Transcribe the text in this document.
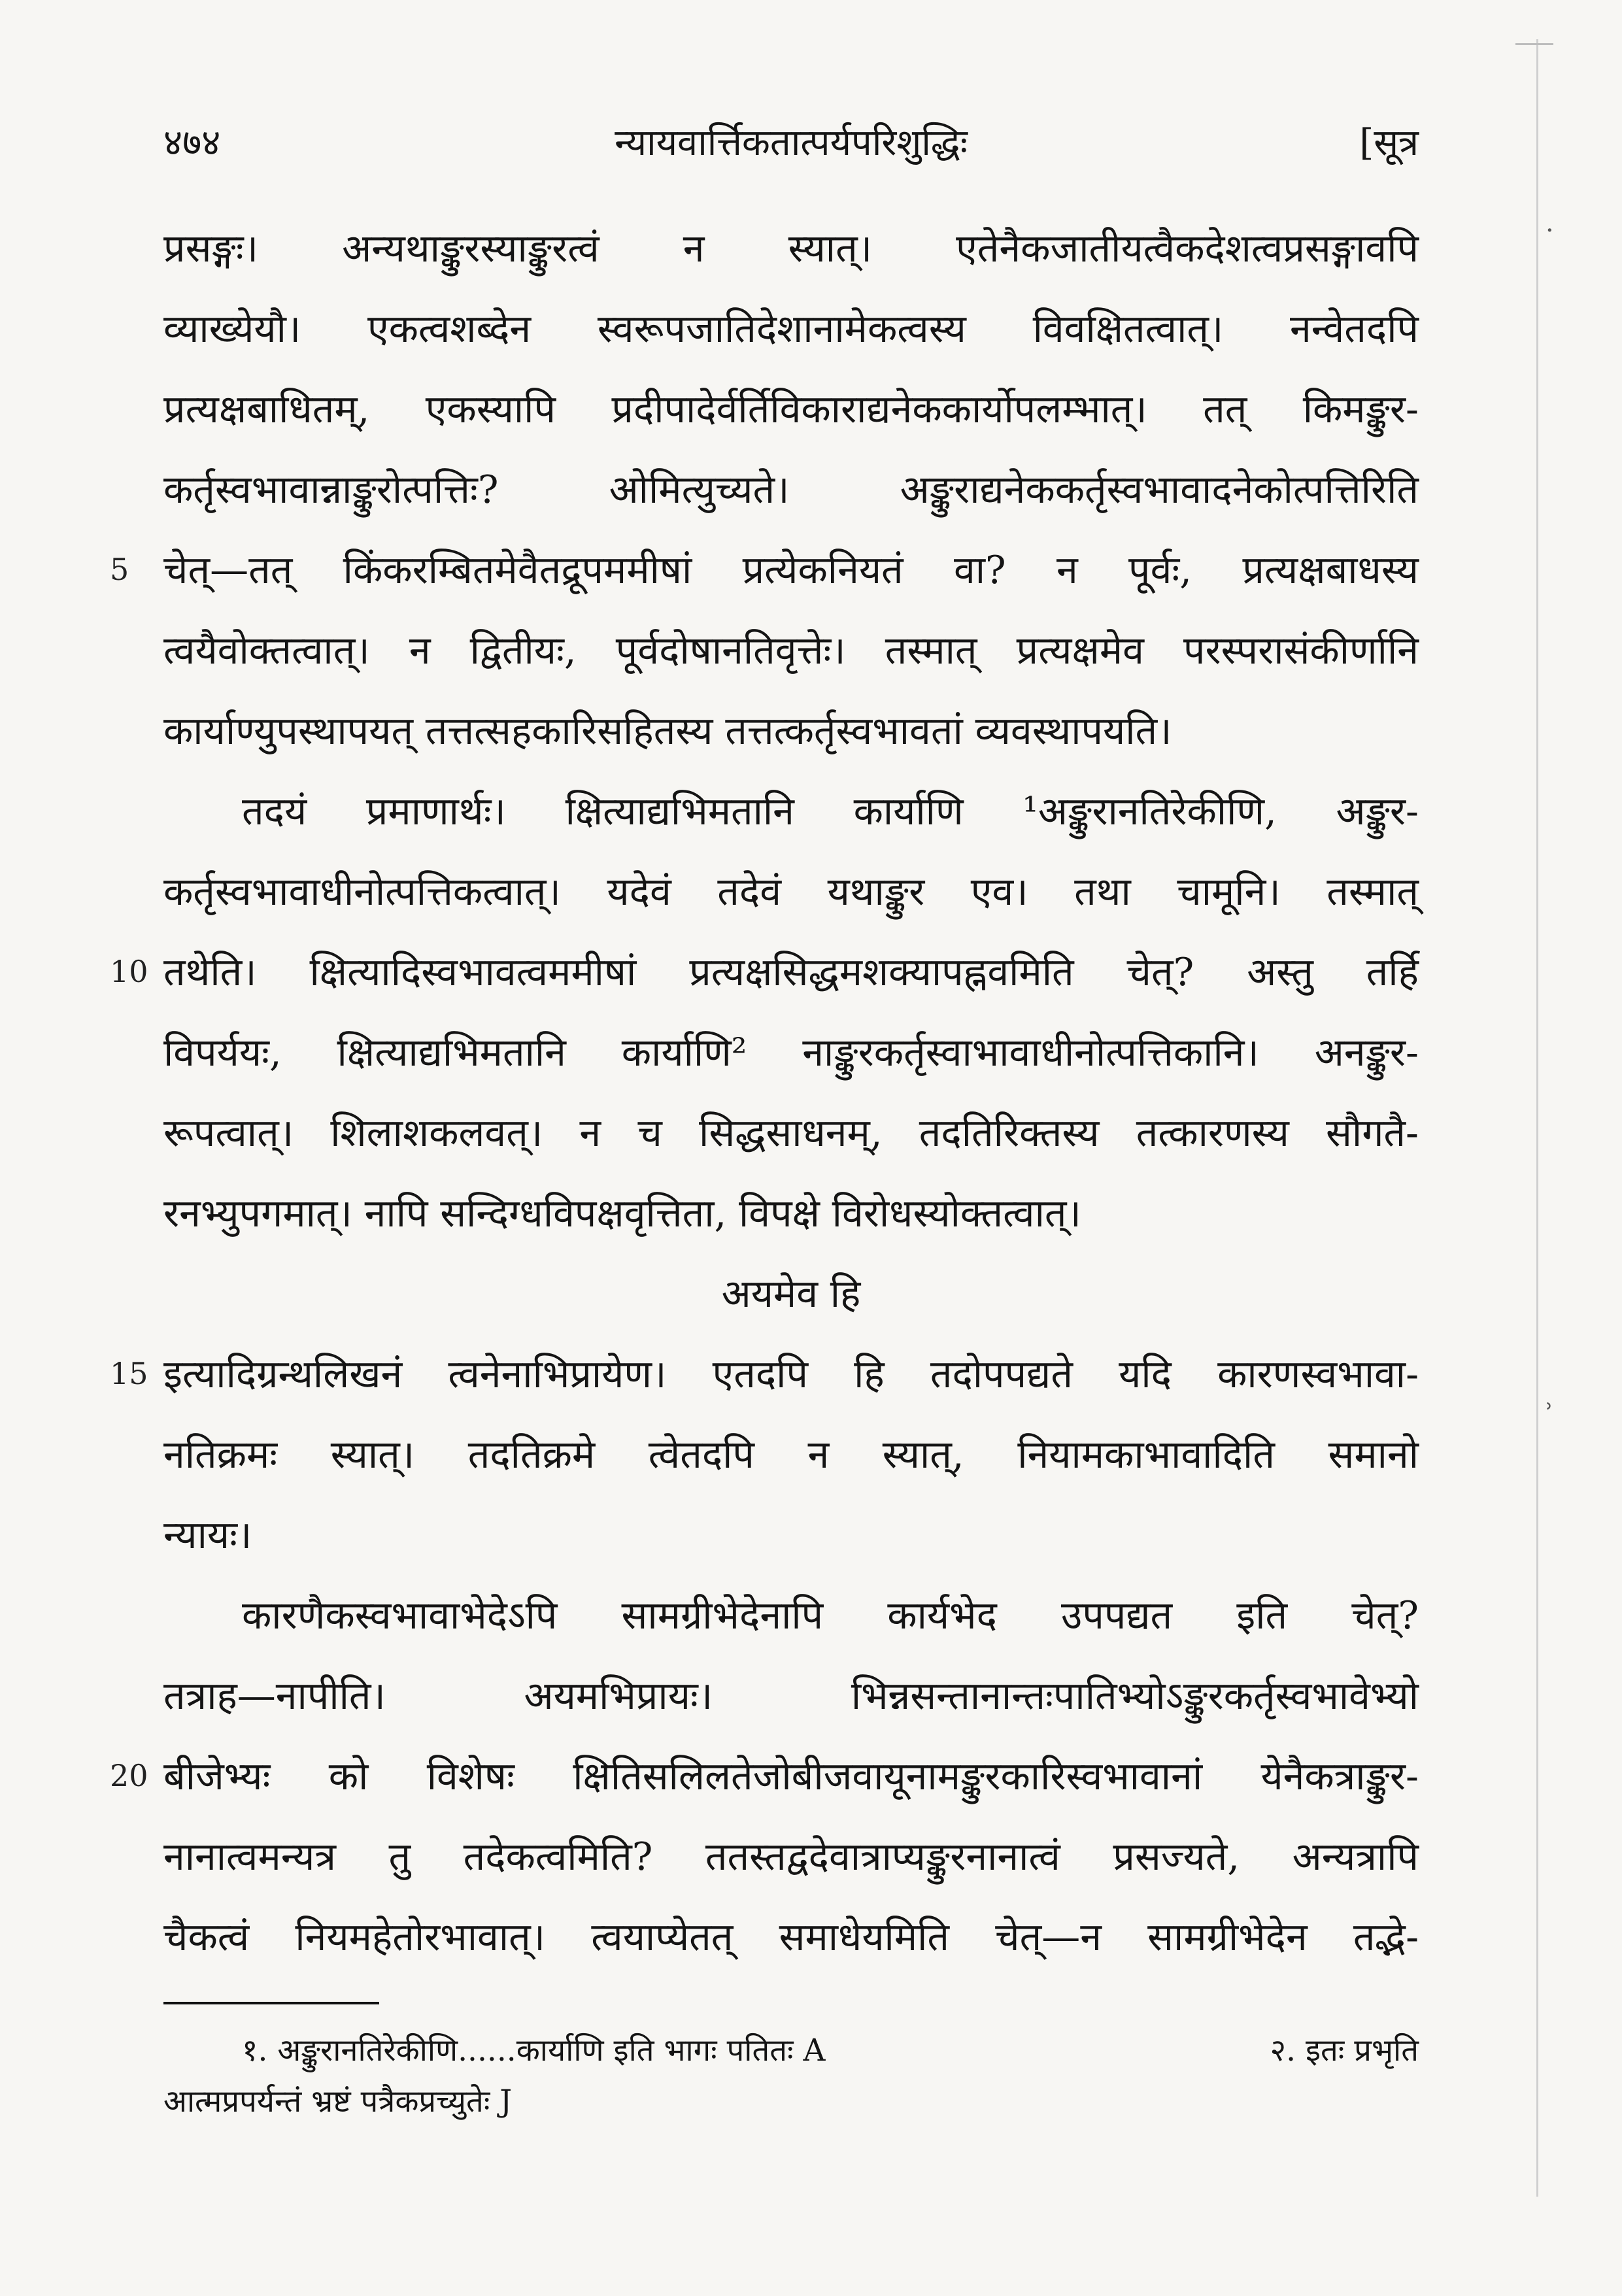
४७४	न्यायवार्त्तिकतात्पर्यपरिशुद्धिः	[सूत्र
प्रसङ्गः। अन्यथाङ्कुरस्याङ्कुरत्वं न स्यात्। एतेनैकजातीयत्वैकदेशत्वप्रसङ्गावपि
व्याख्येयौ। एकत्वशब्देन स्वरूपजातिदेशानामेकत्वस्य विवक्षितत्वात्। नन्वेतदपि
प्रत्यक्षबाधितम्, एकस्यापि प्रदीपादेर्वर्तिविकाराद्यनेककार्योपलम्भात्। तत् किमङ्कुर-
कर्तृस्वभावान्नाङ्कुरोत्पत्तिः? ओमित्युच्यते। अङ्कुराद्यनेककर्तृस्वभावादनेकोत्पत्तिरिति
5 चेत्—तत् किंकरम्बितमेवैतद्रूपममीषां प्रत्येकनियतं वा? न पूर्वः, प्रत्यक्षबाधस्य
त्वयैवोक्तत्वात्। न द्वितीयः, पूर्वदोषानतिवृत्तेः। तस्मात् प्रत्यक्षमेव परस्परासंकीर्णानि
कार्याण्युपस्थापयत् तत्तत्सहकारिसहितस्य तत्तत्कर्तृस्वभावतां व्यवस्थापयति।
तदयं प्रमाणार्थः। क्षित्याद्यभिमतानि कार्याणि ¹अङ्कुरानतिरेकीणि, अङ्कुर-
कर्तृस्वभावाधीनोत्पत्तिकत्वात्। यदेवं तदेवं यथाङ्कुर एव। तथा चामूनि। तस्मात्
10 तथेति। क्षित्यादिस्वभावत्वममीषां प्रत्यक्षसिद्धमशक्यापह्नवमिति चेत्? अस्तु तर्हि
विपर्ययः, क्षित्याद्यभिमतानि कार्याणि² नाङ्कुरकर्तृस्वाभावाधीनोत्पत्तिकानि। अनङ्कुर-
रूपत्वात्। शिलाशकलवत्। न च सिद्धसाधनम्, तदतिरिक्तस्य तत्कारणस्य सौगतै-
रनभ्युपगमात्। नापि सन्दिग्धविपक्षवृत्तिता, विपक्षे विरोधस्योक्तत्वात्।
अयमेव हि
15 इत्यादिग्रन्थलिखनं त्वनेनाभिप्रायेण। एतदपि हि तदोपपद्यते यदि कारणस्वभावा-
नतिक्रमः स्यात्। तदतिक्रमे त्वेतदपि न स्यात्, नियामकाभावादिति समानो
न्यायः।
कारणैकस्वभावाभेदेऽपि सामग्रीभेदेनापि कार्यभेद उपपद्यत इति चेत्?
तत्राह—नापीति। अयमभिप्रायः। भिन्नसन्तानान्तःपातिभ्योऽङ्कुरकर्तृस्वभावेभ्यो
20 बीजेभ्यः को विशेषः क्षितिसलिलतेजोबीजवायूनामङ्कुरकारिस्वभावानां येनैकत्राङ्कुर-
नानात्वमन्यत्र तु तदेकत्वमिति? ततस्तद्वदेवात्राप्यङ्कुरनानात्वं प्रसज्यते, अन्यत्रापि
चैकत्वं नियमहेतोरभावात्। त्वयाप्येतत् समाधेयमिति चेत्—न सामग्रीभेदेन तद्भे-
१. अङ्कुरानतिरेकीणि......कार्याणि इति भागः पतितः A	२. इतः प्रभृति
आत्मप्रपर्यन्तं भ्रष्टं पत्रैकप्रच्युतेः J
·
ʾ
